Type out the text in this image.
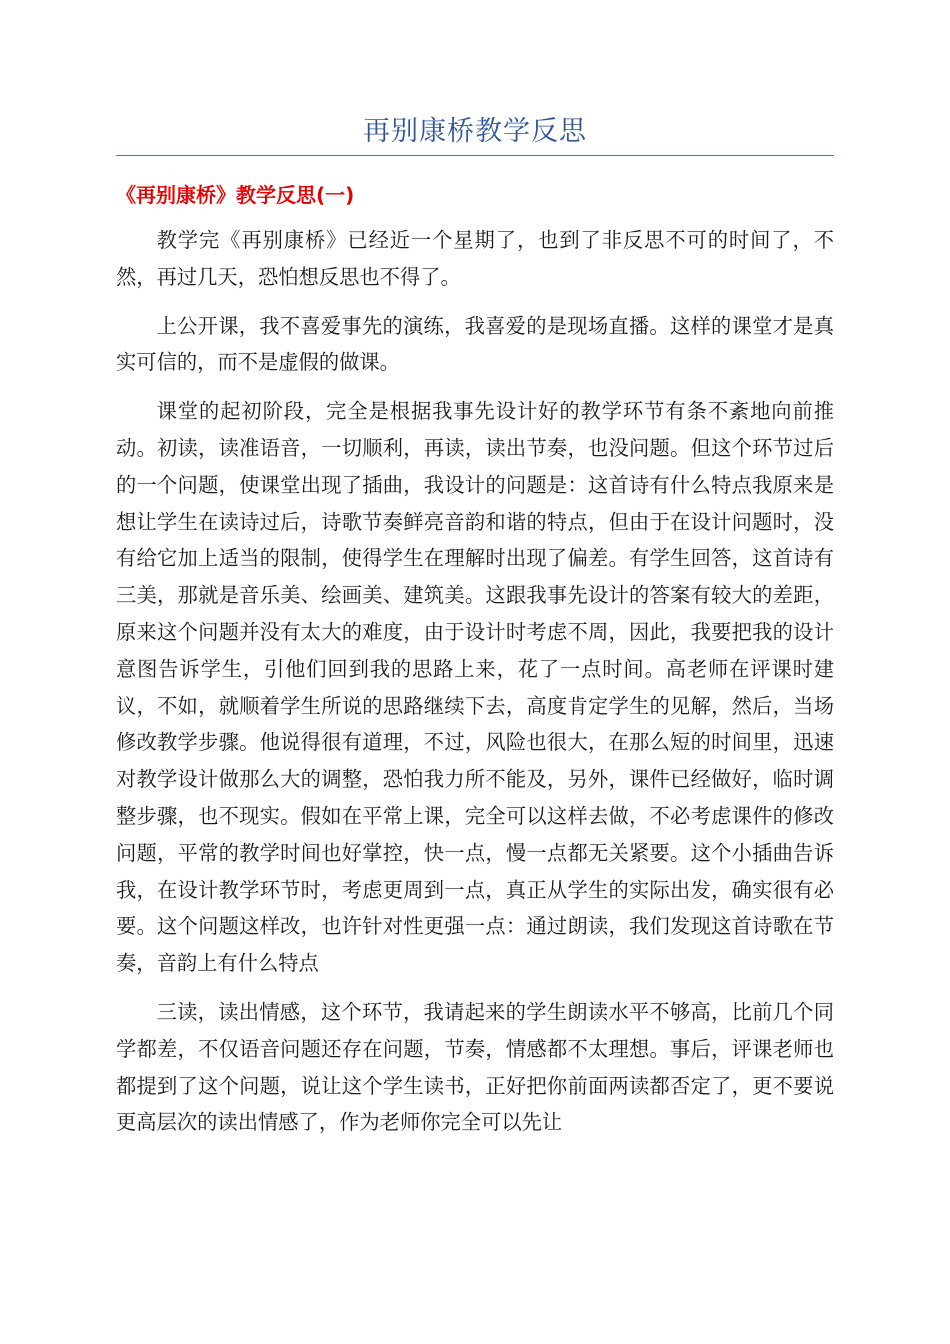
再别康桥教学反思
《再别康桥》教学反思(一)

教学完《再别康桥》已经近一个星期了，也到了非反思不可的时间了，不然，再过几天，恐怕想反思也不得了。

上公开课，我不喜爱事先的演练，我喜爱的是现场直播。这样的课堂才是真实可信的，而不是虚假的做课。

课堂的起初阶段，完全是根据我事先设计好的教学环节有条不紊地向前推动。初读，读准语音，一切顺利，再读，读出节奏，也没问题。但这个环节过后的一个问题，使课堂出现了插曲，我设计的问题是：这首诗有什么特点我原来是想让学生在读诗过后，诗歌节奏鲜亮音韵和谐的特点，但由于在设计问题时，没有给它加上适当的限制，使得学生在理解时出现了偏差。有学生回答，这首诗有三美，那就是音乐美、绘画美、建筑美。这跟我事先设计的答案有较大的差距，原来这个问题并没有太大的难度，由于设计时考虑不周，因此，我要把我的设计意图告诉学生，引他们回到我的思路上来，花了一点时间。高老师在评课时建议，不如，就顺着学生所说的思路继续下去，高度肯定学生的见解，然后，当场修改教学步骤。他说得很有道理，不过，风险也很大，在那么短的时间里，迅速对教学设计做那么大的调整，恐怕我力所不能及，另外，课件已经做好，临时调整步骤，也不现实。假如在平常上课，完全可以这样去做，不必考虑课件的修改问题，平常的教学时间也好掌控，快一点，慢一点都无关紧要。这个小插曲告诉我，在设计教学环节时，考虑更周到一点，真正从学生的实际出发，确实很有必要。这个问题这样改，也许针对性更强一点：通过朗读，我们发现这首诗歌在节奏，音韵上有什么特点

三读，读出情感，这个环节，我请起来的学生朗读水平不够高，比前几个同学都差，不仅语音问题还存在问题，节奏，情感都不太理想。事后，评课老师也都提到了这个问题，说让这个学生读书，正好把你前面两读都否定了，更不要说更高层次的读出情感了，作为老师你完全可以先让
